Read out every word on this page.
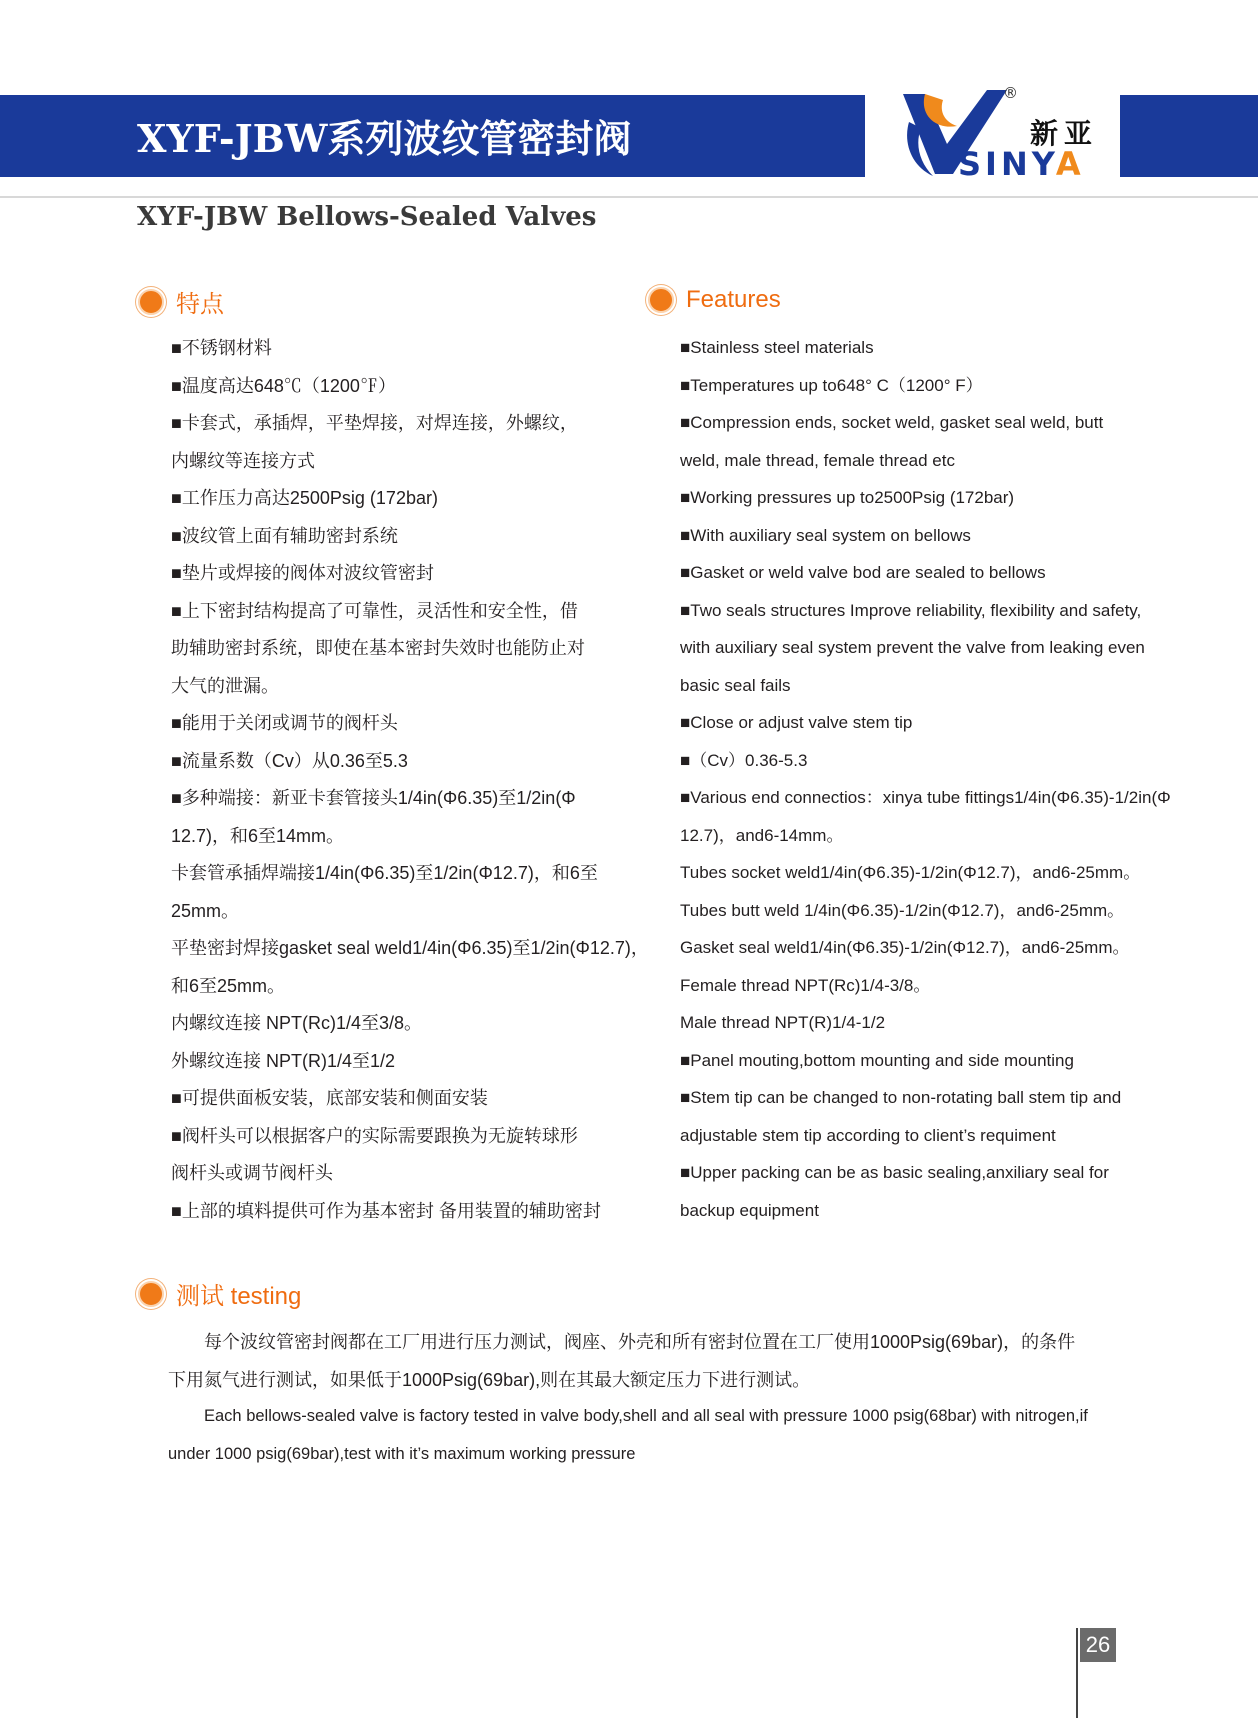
XYF-JBW系列波纹管密封阀
XYF-JBW Bellows-Sealed Valves
®
新亚
SINYA
特点	Features
■不锈钢材料
■温度高达648℃（1200℉）
■卡套式，承插焊，平垫焊接，对焊连接，外螺纹，
内螺纹等连接方式
■工作压力高达2500Psig (172bar)
■波纹管上面有辅助密封系统
■垫片或焊接的阀体对波纹管密封
■上下密封结构提高了可靠性，灵活性和安全性，借
助辅助密封系统，即使在基本密封失效时也能防止对
大气的泄漏。
■能用于关闭或调节的阀杆头
■流量系数（Cv）从0.36至5.3
■多种端接：新亚卡套管接头1/4in(Φ6.35)至1/2in(Φ
12.7)，和6至14mm。
卡套管承插焊端接1/4in(Φ6.35)至1/2in(Φ12.7)，和6至
25mm。
平垫密封焊接gasket seal weld1/4in(Φ6.35)至1/2in(Φ12.7)，
和6至25mm。
内螺纹连接 NPT(Rc)1/4至3/8。
外螺纹连接 NPT(R)1/4至1/2
■可提供面板安装，底部安装和侧面安装
■阀杆头可以根据客户的实际需要跟换为无旋转球形
阀杆头或调节阀杆头
■上部的填料提供可作为基本密封 备用装置的辅助密封
■Stainless steel materials
■Temperatures up to648° C（1200° F）
■Compression ends, socket weld, gasket seal weld, butt
weld, male thread, female thread etc
■Working pressures up to2500Psig (172bar)
■With auxiliary seal system on bellows
■Gasket or weld valve bod are sealed to bellows
■Two seals structures Improve reliability, flexibility and safety,
with auxiliary seal system prevent the valve from leaking even
basic seal fails
■Close or adjust valve stem tip
■（Cv）0.36-5.3
■Various end connectios：xinya tube fittings1/4in(Φ6.35)-1/2in(Φ
12.7)，and6-14mm。
Tubes socket weld1/4in(Φ6.35)-1/2in(Φ12.7)，and6-25mm。
Tubes butt weld 1/4in(Φ6.35)-1/2in(Φ12.7)，and6-25mm。
Gasket seal weld1/4in(Φ6.35)-1/2in(Φ12.7)，and6-25mm。
Female thread NPT(Rc)1/4-3/8。
Male thread NPT(R)1/4-1/2
■Panel mouting,bottom mounting and side mounting
■Stem tip can be changed to non-rotating ball stem tip and
adjustable stem tip according to client’s requiment
■Upper packing can be as basic sealing,anxiliary seal for
backup equipment
测试 testing
每个波纹管密封阀都在工厂用进行压力测试，阀座、外壳和所有密封位置在工厂使用1000Psig(69bar)，的条件
下用氮气进行测试，如果低于1000Psig(69bar),则在其最大额定压力下进行测试。
Each bellows-sealed valve is factory tested in valve body,shell and all seal with pressure 1000 psig(68bar) with nitrogen,if
under 1000 psig(69bar),test with it’s maximum working pressure
26
